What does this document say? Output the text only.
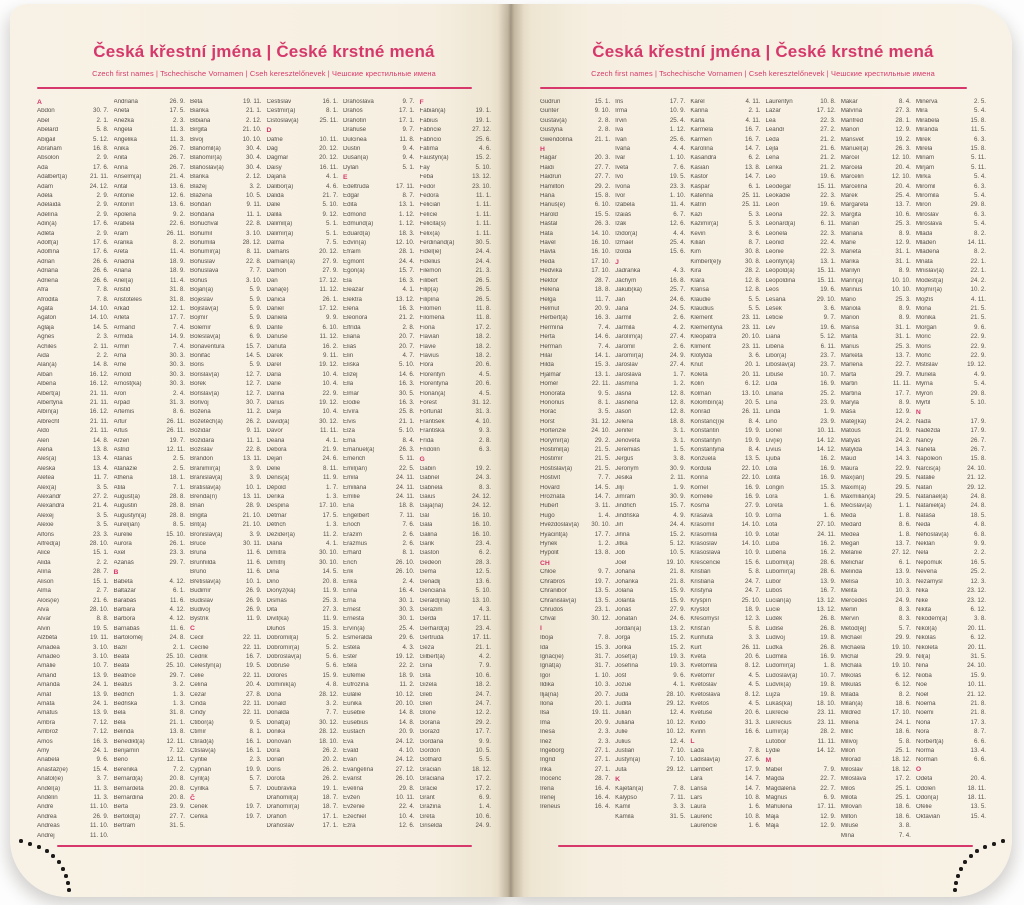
Česká křestní jména | České krstné mená
Czech first names | Tschechische Vornamen | Cseh keresztelőnevek | Чешские крестильные имена
A
Abdon	30. 7.
Ábel	2. 1.
Abelard	5. 8.
Abigail	5. 12.
Abrahám	16. 8.
Absolon	2. 9.
Ada	17. 6.
Adalbert(a)	21. 11.
Adam	24. 12.
Adéla	2. 9.
Adelaida	2. 9.
Adelína	2. 9.
Adin(a)	17. 6.
Adléta	2. 9.
Adolf(a)	17. 6.
Adolfína	17. 6.
Adrian	26. 6.
Adriána	26. 6.
Adriena	26. 6.
Afra	7. 8.
Afrodita	7. 8.
Agáta	14. 10.
Agaton	14. 10.
Aglaja	14. 5.
Agnes	2. 3.
Achiles	2. 11.
Aida	2. 2.
Alan(a)	14. 8.
Alban	16. 12.
Albena	16. 12.
Albert(a)	21. 11.
Albertýna	21. 11.
Albín(a)	16. 12.
Albrecht	21. 11.
Aldo	21. 11.
Alen	14. 8.
Alena	13. 8.
Aleš(a)	13. 4.
Aleška	13. 4.
Aletea	11. 7.
Alex(a)	3. 5.
Alexandr	27. 2.
Alexandra	21. 4.
Alexej	3. 5.
Alexie	3. 5.
Alfons	23. 3.
Alfréd(a)	28. 10.
Alice	15. 1.
Alida	2. 2.
Alína	28. 7.
Alison	15. 1.
Alma	2. 7.
Alois(ie)	21. 6.
Alva	28. 10.
Alvar	8. 8.
Alvin	19. 5.
Alžběta	19. 11.
Amadea	3. 10.
Amadeo	3. 10.
Amálie	10. 7.
Amand	13. 9.
Amanda	24. 1.
Amát	13. 9.
Amáta	24. 1.
Amatus	13. 9.
Ambra	7. 12.
Ambrož	7. 12.
Ámos	16. 3.
Amy	24. 1.
Anabela	9. 6.
Anastáz(ie)	15. 4.
Anatol(ie)	3. 7.
Anděl(a)	11. 3.
Andělín	11. 3.
André	11. 10.
Andrea	26. 9.
Andreas	11. 10.
Andrej	11. 10.
Andriana	26. 9.
Aneta	17. 5.
Anežka	2. 3.
Angela	11. 3.
Angelika	11. 3.
Anika	26. 7.
Anita	26. 7.
Anna	26. 7.
Anselm(a)	21. 4.
Antal	13. 6.
Antonie	12. 6.
Antonín	13. 6.
Apolena	9. 2.
Arabela	22. 6.
Aram	26. 11.
Aranka	8. 2.
Areta	11. 4.
Ariadna	18. 9.
Ariana	18. 9.
Ariel(a)	11. 4.
Aristid	31. 8.
Aristoteles	31. 8.
Arkád	12. 1.
Arleta	17. 7.
Armand	7. 4.
Armida	14. 9.
Armin	7. 4.
Arna	30. 3.
Arne	30. 3.
Arnold	30. 3.
Arnošt(ka)	30. 3.
Áron	2. 4.
Arpád	31. 3.
Artemis	8. 6.
Artur	26. 11.
Artuš	26. 11.
Arzen	19. 7.
Astrid	12. 11.
Atanas	2. 5.
Atanázie	2. 5.
Athéna	18. 1.
Atila	7. 1.
August(a)	28. 8.
Augustin	28. 8.
Augustýn(a)	28. 8.
Aurel(ián)	8. 5.
Aurélie	15. 10.
Aurora	26. 1.
Axel	23. 3.
Azariáš	29. 7.
B
Babeta	4. 12.
Baltazar	6. 1.
Barabáš	11. 6.
Barbara	4. 12.
Barbora	4. 12.
Barnabáš	11. 6.
Bartoloměj	24. 8.
Bazil	2. 1.
Beata	25. 10.
Beáta	25. 10.
Beatrice	29. 7.
Beatus	3. 2.
Bedřich	1. 3.
Bedřiška	1. 3.
Bela	31. 8.
Běla	21. 1.
Belinda	13. 8.
Benedikt(a)	12. 11.
Benjamín	7. 12.
Beno	12. 11.
Berenika	7. 2.
Bernard(a)	20. 8.
Bernardeta	20. 8.
Bernardina	20. 8.
Berta	23. 9.
Bertold(a)	27. 7.
Bertram	31. 5.
Běta	19. 11.
Bianka	21. 1.
Bibiana	2. 12.
Birgita	21. 10.
Bivoj	10. 10.
Blahomil(a)	30. 4.
Blahomír(a)	30. 4.
Blahoslav(a)	30. 4.
Blanka	2. 12.
Blažej	3. 2.
Blažena	10. 5.
Bohdan	9. 11.
Bohdana	11. 1.
Bohuchval	22. 8.
Bohumil	3. 10.
Bohumila	28. 12.
Bohumír(a)	8. 11.
Bohuslav	22. 8.
Bohuslava	7. 7.
Bohuš	3. 10.
Bojan(a)	5. 9.
Bojeslav	5. 9.
Bojislav(a)	5. 9.
Bojmír	5. 9.
Bolemír	6. 9.
Boleslav(a)	6. 9.
Bonaventura	15. 7.
Bonifác	14. 5.
Boris	5. 9.
Borislav(a)	12. 7.
Bořek	12. 7.
Bořislav(a)	12. 7.
Bořivoj	30. 7.
Božena	11. 2.
Božetěch(a)	26. 2.
Božidar	9. 11.
Božidara	11. 1.
Božislav	22. 8.
Brandon	13. 11.
Branimír(a)	3. 9.
Branislav(a)	3. 9.
Bratislav(a)	10. 1.
Brenda(n)	13. 11.
Brian	28. 9.
Brigita	21. 10.
Brit(a)	21. 10.
Bronislav(a)	3. 9.
Bruce	30. 11.
Bruna	11. 6.
Brunhilda	11. 6.
Bruno	11. 6.
Břetislav(a)	10. 1.
Budimír	26. 9.
Budislav	26. 9.
Budivoj	26. 9.
Bystrík	11. 9.
C
Cecil	22. 11.
Cecílie	22. 11.
Cedrik	16. 7.
Celestýn(a)	19. 5.
Celie	22. 11.
Celina	20. 4.
Cézar	27. 8.
Cinda	22. 11.
Cindy	22. 11.
Ctibor(a)	9. 5.
Ctimír	8. 1.
Ctirad(a)	16. 1.
Ctislav(a)	16. 1.
Cyntie	2. 3.
Cyprián	19. 9.
Cyril(a)	5. 7.
Cyrilka	5. 7.
Č
Čeněk	19. 7.
Čeňka	19. 7.
Čestislav	16. 1.
Čestmír(a)	8. 1.
Čistoslav(a)	25. 11.
D
Dafné	10. 11.
Dag	20. 12.
Dagmar	20. 12.
Daisy	16. 11.
Dajana	4. 1.
Dalibor(a)	4. 6.
Dalida	21. 7.
Dalie	5. 10.
Dalila	9. 12.
Dalimil(a)	5. 1.
Dalimír(a)	5. 1.
Dalma	7. 5.
Damaris	20. 12.
Damián(a)	27. 9.
Damon	27. 9.
Dan	17. 12.
Dana(é)	11. 12.
Danica	26. 1.
Daniel	17. 12.
Daniela	9. 9.
Dante	6. 10.
Danuše	11. 12.
Danuta	16. 2.
Darek	9. 11.
Darel	19. 12.
Daria	10. 4.
Darie	10. 4.
Darina	22. 9.
Darius	19. 12.
Darja	10. 4.
David(a)	30. 12.
Davor	11. 11.
Deana	4. 1.
Debora	21. 9.
Dejan	24. 6.
Delie	8. 11.
Denis(a)	11. 9.
Děpold	1. 7.
Derika	1. 3.
Despina	17. 10.
Dětmar	17. 5.
Dětřich	1. 3.
Dezider(a)	11. 2.
Diana	4. 1.
Dimitra	30. 10.
Dimitrij	30. 10.
Dina	14. 5.
Dino	20. 8.
Dionýz(ka)	11. 9.
Dismas	25. 3.
Dita	27. 3.
Divit(ka)	11. 9.
Dluhoš	15. 3.
Dobromil(a)	5. 2.
Dobromír(a)	5. 2.
Dobroslav(a)	5. 6.
Dobruše	5. 6.
Dolores	15. 9.
Dominik(a)	4. 8.
Dona	28. 12.
Donald	3. 2.
Donalda	7. 7.
Donát(a)	30. 12.
Donika	28. 12.
Donovan	18. 10.
Dora	26. 2.
Dorián	20. 2.
Doris	26. 2.
Dorota	26. 2.
Doubravka	19. 1.
Drahomil(a)	18. 7.
Drahomír(a)	18. 7.
Drahoň	17. 1.
Drahoslav	17. 1.
Drahoslava	9. 7.
Drahoš	17. 1.
Drahotín	17. 1.
Drahuše	9. 7.
Dulcinea	11. 8.
Dustin	9. 4.
Dušan(a)	9. 4.
Dylan	5. 1.
E
Edeltruda	17. 11.
Edgar	8. 7.
Edita	13. 1.
Edmond	1. 12.
Edmund(a)	1. 12.
Eduard(a)	18. 3.
Edvín(a)	12. 10.
Efraim	28. 1.
Egmont	24. 4.
Egon(a)	15. 7.
Ela	16. 3.
Eleazar	4. 1.
Elektra	13. 12.
Elena	16. 3.
Eleonora	21. 2.
Elfrída	2. 8.
Eliana	20. 7.
Eliáš	20. 7.
Elin	4. 7.
Eliška	5. 10.
Elizej	14. 6.
Ella	16. 3.
Elmar	30. 5.
Elodie	16. 3.
Elvíra	25. 8.
Elvis	21. 1.
Elza	5. 10.
Ema	8. 4.
Emanuel(a)	26. 3.
Emerich	5. 11.
Emil(ián)	22. 5.
Emila	24. 11.
Emiliána	24. 11.
Emílie	24. 11.
Ena	18. 8.
Engelbert	7. 11.
Enoch	7. 6.
Erazim	2. 6.
Erazmus	2. 6.
Erhard	8. 1.
Erich	26. 10.
Erik	26. 10.
Erika	2. 4.
Erina	16. 4.
Erna	30. 1.
Ernest	30. 3.
Ernesta	30. 1.
Ervín(a)	25. 4.
Esmeralda	29. 6.
Estela	4. 3.
Ester	19. 12.
Etela	22. 2.
Eufémie	18. 9.
Eufrozina	11. 2.
Eulálie	10. 12.
Eunika	20. 10.
Eusebie	14. 8.
Eusebius	14. 8.
Eustach	20. 9.
Eva	24. 12.
Evald	4. 10.
Evan	24. 12.
Evangelína	27. 12.
Evarist	26. 10.
Evelína	29. 8.
Evžen	10. 11.
Evženie	22. 4.
Ezechiel	10. 4.
Ezra	12. 6.
F
Fabián(a)	19. 1.
Fabius	19. 1.
Fabricie	27. 12.
Fabricio	25. 6.
Fatima	4. 6.
Faustýn(a)	15. 2.
Fay	5. 10.
Féba	13. 12.
Fedor	23. 10.
Fedora	11. 1.
Felicián	1. 11.
Felície	1. 11.
Felicita(s)	1. 11.
Felix(a)	1. 11.
Ferdinand(a)	30. 5.
Fidel(ie)	24. 4.
Fidelius	24. 4.
Filemon	21. 3.
Filibert	26. 5.
Filip(a)	26. 5.
Filipína	26. 5.
Filomen	11. 8.
Filoména	11. 8.
Fiona	17. 2.
Flavián	18. 2.
Flavie	18. 2.
Flavius	18. 2.
Flóra	20. 6.
Florentýn	4. 5.
Florentýna	20. 6.
Florián(a)	4. 5.
Forest	31. 12.
Fortunát	31. 3.
František	4. 10.
Františka	9. 3.
Frída	2. 8.
Fridolín	6. 3.
G
Gabin	19. 2.
Gabriel	24. 3.
Gabriela	8. 3.
Gaius	24. 12.
Gaja(na)	24. 12.
Gál	16. 10.
Gala	16. 10.
Galina	16. 10.
Garik	23. 4.
Gaston	6. 2.
Gedeon	28. 3.
Gema	12. 5.
Genadij	13. 6.
Genciana	5. 10.
Gerald(ina)	13. 10.
Gerazim	4. 3.
Gerda	17. 11.
Gerhard(a)	23. 4.
Gertruda	17. 11.
Géza	21. 1.
Gilbert(a)	4. 2.
Gina	7. 9.
Gita	10. 6.
Gizela	18. 2.
Gleb	24. 7.
Glen	24. 7.
Glorie	12. 2.
Gorana	29. 2.
Gorazd	17. 7.
Gordana	9. 9.
Gordon	10. 5.
Gothard	5. 5.
Gracián	18. 12.
Graciána	17. 2.
Grácie	17. 2.
Grant	6. 9.
Gražina	1. 4.
Gréta	10. 6.
Griselda	24. 9.
Česká křestní jména | České krstné mená
Czech first names | Tschechische Vornamen | Cseh keresztelőnevek | Чешские крестильные имена
Gudrun	15. 1.
Gunter	9. 10.
Gustav(a)	2. 8.
Gustýna	2. 8.
Gwendolína	21. 1.
H
Hagar	20. 3.
Haidi	27. 7.
Haidrun	27. 7.
Hamilton	29. 2.
Hana	15. 8.
Hanuš(e)	6. 10.
Harold	15. 5.
Haštal	26. 3.
Háta	14. 10.
Havel	16. 10.
Havla	16. 10.
Heda	17. 10.
Hedvika	17. 10.
Hektor	28. 7.
Helena	18. 8.
Helga	11. 7.
Helmut	20. 9.
Herbert(a)	16. 3.
Hermína	7. 4.
Herta	14. 6.
Heřman	7. 4.
Hilar	14. 1.
Hilda	15. 3.
Hjalmar	13. 1.
Homér	22. 11.
Honoráta	9. 5.
Honorius	8. 1.
Horác	3. 5.
Horst	31. 12.
Hortenzie	24. 10.
Horymír(a)	29. 2.
Hostimil(a)	21. 5.
Hostimír	21. 5.
Hostislav(a)	21. 5.
Hostivít	7. 7.
Hovard	14. 5.
Hroznata	14. 7.
Hubert	3. 11.
Hugo	1. 4.
Hvězdoslav(a) 30. 10.
Hyacint(a)	17. 7.
Hynek	1. 2.
Hypolit	13. 8.
CH
Chloe	9. 7.
Chrabroš	19. 7.
Chranibor	13. 5.
Chranislav(a)	13. 5.
Chrudoš	23. 1.
Chval	30. 12.
I
Iboja	7. 8.
Ida	15. 3.
Ignác(ie)	31. 7.
Ignát(a)	31. 7.
Igor	1. 10.
Ildika	10. 3.
Ilja(na)	20. 7.
Ilona	20. 1.
Ilsa	19. 11.
Ima	20. 9.
Inesa	2. 3.
Inéz	2. 3.
Ingeborg	27. 1.
Ingrid	27. 1.
Inka	27. 1.
Inocenc	28. 7.
Irena	16. 4.
Irenej	16. 4.
Ireneus	16. 4.
Iris	17. 7.
Irma	10. 9.
Irvin	25. 4.
Iva	1. 12.
Ivan	25. 6.
Ivana	4. 4.
Ivar	1. 10.
Iveta	7. 6.
Ivo	19. 5.
Ivona	23. 3.
Ivor	1. 10.
Izabela	11. 4.
Izaiáš	6. 7.
Izák	12. 6.
Izidor(a)	4. 4.
Izmael	25. 4.
Izolda	15. 6.
J
Jadranka	4. 3.
Jáchym	16. 8.
Jakub(ka)	25. 7.
Jan	24. 6.
Jana	24. 5.
Jarmil	2. 6.
Jarmila	4. 2.
Jarolím(a)	27. 4.
Jaromil	2. 6.
Jaromír(a)	24. 9.
Jaroslav	27. 4.
Jaroslava	1. 7.
Jasmína	1. 2.
Jasna	12. 8.
Jasněna	12. 8.
Jasoň	12. 8.
Jelena	18. 8.
Jenifer	3. 1.
Jenovéfa	3. 1.
Jeremiáš	1. 5.
Jerguš	3. 8.
Jeroným	30. 9.
Jesika	2. 11.
Jiljí	1. 9.
Jimram	30. 9.
Jindřich	15. 7.
Jindřiška	4. 9.
Jiří	24. 4.
Jiřina	15. 2.
Jitka	5. 12.
Job	10. 5.
Joel	19. 10.
Johana	21. 8.
Johanka	21. 8.
Jolana	15. 9.
Jolanta	15. 9.
Jonáš	27. 9.
Jonatan	24. 6.
Jordan(a)	13. 2.
Jorga	15. 2.
Jorika	15. 2.
Josef(a)	19. 3.
Josefína	19. 3.
Jošt	9. 6.
Jozue	4. 1.
Juda	28. 10.
Judita	29. 12.
Julián	12. 4.
Juliána	10. 12.
Julie	10. 12.
Julius	12. 4.
Justián	7. 10.
Justýn(a)	7. 10.
Juta	29. 12.
K
Kajetán(a)	7. 8.
Kalypso	7. 11.
Kamil	3. 3.
Kamila	31. 5.
Karel	4. 11.
Karina	2. 1.
Karla	4. 11.
Karmela	16. 7.
Karmen	16. 7.
Karolína	14. 7.
Kasandra	6. 2.
Kasián	13. 8.
Kastor	14. 7.
Kašpar	6. 1.
Kateřina	25. 11.
Katrin	25. 11.
Kazi	5. 3.
Kazimír(a)	5. 3.
Kevin	3. 6.
Kilián	8. 7.
Kim	30. 8.
Kimberl(e)y	30. 8.
Kira	28. 2.
Klára	12. 8.
Klarisa	12. 8.
Klaudie	5. 5.
Klaudius	5. 5.
Klement	23. 11.
Klementýna	23. 11.
Kleopatra	20. 10.
Kliment	23. 11.
Klotylda	3. 6.
Knut	20. 1.
Koleta	20. 11.
Kolin	6. 12.
Kolman	13. 10.
Kolombín(a)	20. 5.
Konrád	26. 11.
Konstanc(i)e	8. 4.
Konstantin	19. 9.
Konstantýn	19. 9.
Konstantýna	8. 4.
Konzuela	13. 5.
Kordula	22. 10.
Korina	22. 10.
Kornel	16. 9.
Kornélie	16. 9.
Kosma	27. 9.
Krasava	10. 9.
Krasomil	14. 10.
Krasomila	10. 9.
Krasoslav	14. 10.
Krasoslava	10. 9.
Krescencie	15. 6.
Kristián	5. 8.
Kristiána	24. 7.
Kristýna	24. 7.
Kryšpín	25. 10.
Kryštof	18. 9.
Křesomysl	12. 3.
Křišťan	5. 8.
Kunhuta	3. 3.
Kurt	26. 11.
Květa	20. 6.
Květomila	8. 12.
Květomír	4. 5.
Květoslav	4. 5.
Květoslava	8. 12.
Květoš	4. 5.
Květuše	20. 6.
Kvido	31. 3.
Kvirin	16. 6.
L
Lada	7. 8.
Ladislav(a)	27. 6.
Lambert	17. 9.
Lara	14. 7.
Larisa	14. 7.
Lars	10. 8.
Laura	1. 6.
Laurenc	10. 8.
Laurencie	1. 6.
Laurentýn	10. 8.
Lazar	17. 12.
Lea	22. 3.
Leandr	27. 2.
Léda	21. 2.
Lejla	21. 6.
Lena	21. 2.
Lenka	21. 2.
Leo	19. 6.
Leodegar	15. 11.
Leokádie	22. 3.
Leon	19. 6.
Leona	22. 3.
Leonard(a)	6. 11.
Leonela	22. 3.
Leonid	22. 4.
Leonie	22. 3.
Leontýn(a)	13. 1.
Leopold(a)	15. 11.
Leopoldina	15. 11.
Leoš	19. 6.
Lesana	29. 10.
Lešek	3. 6.
Leticie	9. 7.
Lev	19. 6.
Liana	5. 12.
Liběna	6. 11.
Libor(a)	23. 7.
Liboslav(a)	23. 7.
Libuše	10. 7.
Lída	16. 9.
Liliana	25. 2.
Lina	23. 9.
Linda	1. 9.
Lino	23. 9.
Lionel	10. 11.
Liv(ie)	14. 12.
Livius	14. 12.
Ljuba	16. 2.
Lola	16. 9.
Lolita	16. 9.
Longin	15. 3.
Lora	1. 6.
Loreta	1. 6.
Lorna	1. 6.
Lota	27. 10.
Lotar	24. 11.
Luba	16. 2.
Luběna	16. 2.
Lubomil(a)	28. 6.
Lubomír(a)	28. 6.
Lubor	13. 9.
Luboš	16. 7.
Lucián(a)	13. 12.
Lucie	13. 12.
Luděk	26. 8.
Ludiše	26. 8.
Ludivoj	19. 8.
Luďka	26. 8.
Ludmila	16. 9.
Ludomír(a)	1. 8.
Ludoslav(a)	10. 7.
Ludvík(a)	19. 8.
Lujza	19. 8.
Lukáš(ka)	18. 10.
Lukrécie	23. 11.
Lukrecius	23. 11.
Lumír(a)	28. 2.
Lutobor	11. 11.
Lýdie	14. 12.
M
Mabel	7. 9.
Magda	22. 7.
Magdaléna	22. 7.
Magnus	6. 9.
Mahulena	17. 11.
Maja	12. 9.
Mája	12. 9.
Makar	8. 4.
Malvína	27. 3.
Manfréd	28. 1.
Manon	12. 9.
Mansvet	19. 2.
Manuel(a)	26. 3.
Marcel	12. 10.
Marcela	20. 4.
Marcelin	12. 10.
Marcelína	20. 4.
Marek	25. 4.
Margareta	13. 7.
Margita	10. 6.
Marián	25. 3.
Mariana	8. 9.
Marie	12. 9.
Marieta	31. 1.
Marika	31. 1.
Marilyn	8. 9.
Marin(a)	10. 10.
Marinus	10. 10.
Mario	25. 3.
Mariola	8. 9.
Marion	8. 9.
Marisa	31. 1.
Marita	31. 1.
Marius	25. 3.
Markéta	13. 7.
Marlena	22. 7.
Marta	29. 7.
Martin	11. 11.
Martina	17. 7.
Maryla	8. 9.
Máša	12. 9.
Matěj(ka)	24. 2.
Matouš	21. 9.
Matyáš	24. 2.
Matylda	14. 3.
Maud	14. 3.
Maura	22. 9.
Max(ián)	29. 5.
Maxim(a)	29. 5.
Maxmilián(a)	29. 5.
Mečislav(a)	1. 1.
Meda	1. 8.
Medard	8. 6.
Medea	1. 8.
Megan	13. 7.
Melánie	27. 12.
Melichar	6. 1.
Melinda	13. 9.
Melisa	10. 3.
Melita	10. 3.
Mercedes	24. 9.
Merlin	8. 3.
Mervin	8. 3.
Metod(ěj)	5. 7.
Michael	29. 9.
Michaela	19. 10.
Michal	29. 9.
Michala	19. 10.
Mikoláš	6. 12.
Mikuláš	6. 12.
Milada	8. 2.
Milan(a)	18. 6.
Mildred	17. 10.
Milena	24. 1.
Milíč	18. 6.
Milivoj	5. 8.
Miloň	25. 1.
Milorad	18. 12.
Miloslav	18. 12.
Miloslava	17. 2.
Miloš	25. 1.
Milota	25. 1.
Milovan	18. 6.
Milton	18. 6.
Miluše	3. 8.
Mína	7. 4.
Minerva	2. 5.
Mira	5. 4.
Mirabela	15. 8.
Miranda	11. 5.
Mirek	6. 3.
Mirela	15. 8.
Miriam	5. 11.
Mirjam	5. 11.
Mirka	5. 4.
Miromil	6. 3.
Miromila	5. 4.
Miron	29. 8.
Miroslav	6. 3.
Miroslava	5. 4.
Mlada	8. 2.
Mladen	14. 11.
Mladena	8. 2.
Mnata	22. 1.
Mnislav(a)	22. 1.
Modest(a)	24. 2.
Mojmír(a)	10. 2.
Mojžíš	4. 11.
Mona	21. 5.
Monika	21. 5.
Morgan	9. 6.
Moric	22. 9.
Moris	22. 9.
Mořic	22. 9.
Mstislav	19. 12.
Muriela	4. 9.
Myrna	5. 4.
Myron	29. 8.
Myrtil	5. 10.
N
Naďa	17. 9.
Naděžda	17. 9.
Nancy	26. 7.
Naneta	26. 7.
Napoleon	15. 8.
Narcis(a)	24. 10.
Natálie	21. 12.
Natan	29. 12.
Natanael(a)	24. 8.
Nataniel(a)	24. 8.
Nataša	18. 5.
Neda	4. 8.
Něhoslav(a)	6. 8.
Neklan	9. 9.
Nela	2. 2.
Nepomuk	16. 5.
Nevena	25. 2.
Nezamysl	12. 3.
Nika	23. 12.
Niké	23. 12.
Nikita	6. 12.
Nikodém(a)	3. 8.
Nikol(a)	20. 11.
Nikolas	6. 12.
Nikoleta	20. 11.
Nil(a)	31. 5.
Nina	24. 10.
Nioba	15. 9.
Noe	10. 11.
Noel	21. 12.
Noema	21. 8.
Noemi	21. 8.
Nona	17. 3.
Nora	8. 7.
Norbert(a)	6. 6.
Norma	13. 4.
Norman	6. 6.
O
Odeta	20. 4.
Odolen	18. 11.
Odon(a)	18. 11.
Ofélie	13. 5.
Oktavián	15. 4.
